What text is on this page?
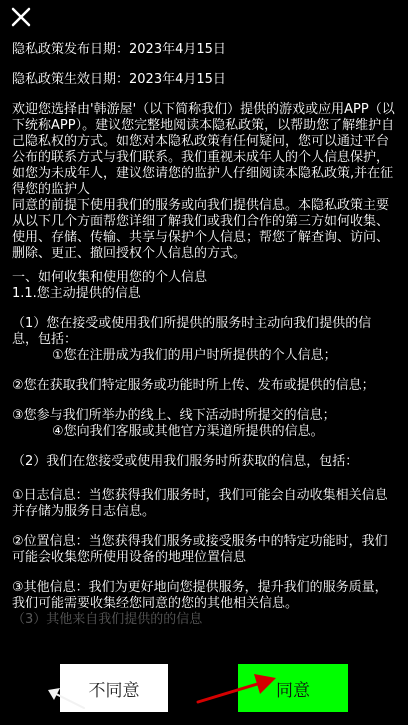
隐私政策发布日期：2023年4月15日

隐私政策生效日期：2023年4月15日

欢迎您选择由'韩游屋'（以下简称我们）提供的游戏或应用APP（以下统称APP）。建议您完整地阅读本隐私政策，以帮助您了解维护自己隐私权的方式。如您对本隐私政策有任何疑问，您可以通过平台公布的联系方式与我们联系。我们重视未成年人的个人信息保护，如您为未成年人，建议您请您的监护人仔细阅读本隐私政策,并在征得您的监护人
同意的前提下使用我们的服务或向我们提供信息。本隐私政策主要从以下几个方面帮您详细了解我们或我们合作的第三方如何收集、使用、存储、传输、共享与保护个人信息；帮您了解查询、访问、删除、更正、撤回授权个人信息的方式。

一、如何收集和使用您的个人信息

1.1.您主动提供的信息

（1）您在接受或使用我们所提供的服务时主动向我们提供的信息，包括：

①您在注册成为我们的用户时所提供的个人信息；

②您在获取我们特定服务或功能时所上传、发布或提供的信息；

③您参与我们所举办的线上、线下活动时所提交的信息；

④您向我们客服或其他官方渠道所提供的信息。

（2）我们在您接受或使用我们服务时所获取的信息，包括：

①日志信息：当您获得我们服务时，我们可能会自动收集相关信息并存储为服务日志信息。

②位置信息：当您获得我们服务或接受服务中的特定功能时，我们可能会收集您所使用设备的地理位置信息

③其他信息：我们为更好地向您提供服务，提升我们的服务质量，我们可能需要收集经您同意的您的其他相关信息。

（3）其他来自我们提供的的信息

不同意	同意
